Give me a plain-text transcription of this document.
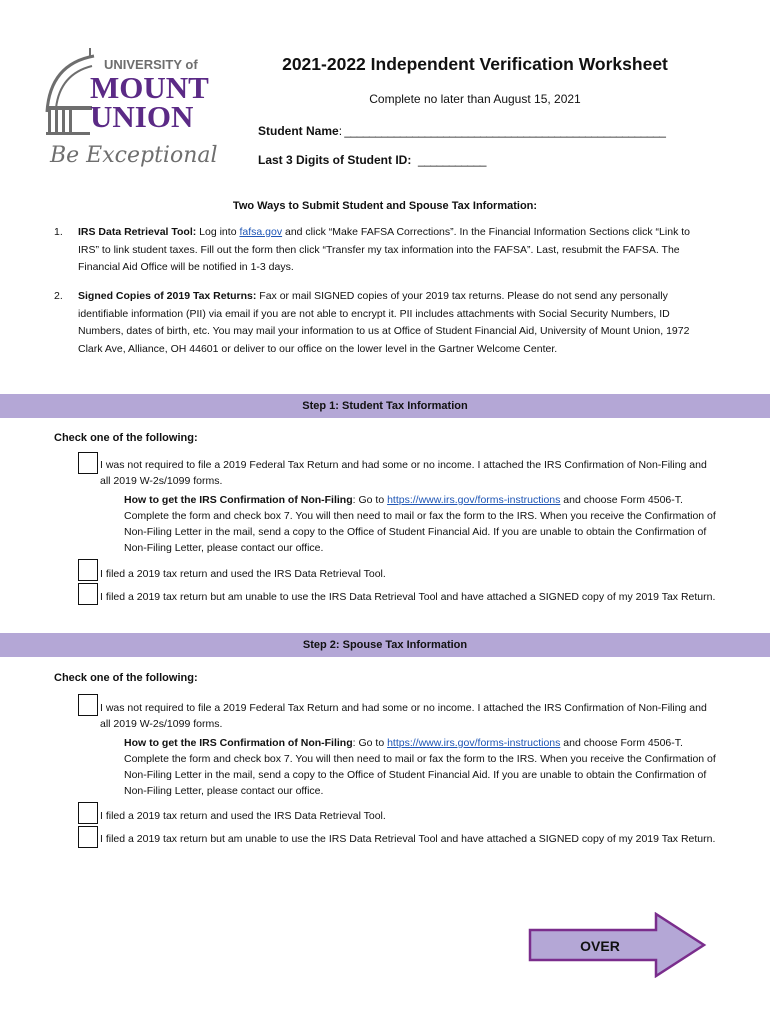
UNIVERSITY of
MOUNT
UNION
Be Exceptional
2021-2022 Independent Verification Worksheet
Complete no later than August 15, 2021
Student Name: ____________________________________________________
Last 3 Digits of Student ID: ___________
Two Ways to Submit Student and Spouse Tax Information:
1. IRS Data Retrieval Tool: Log into fafsa.gov and click “Make FAFSA Corrections”. In the Financial Information Sections click “Link to IRS” to link student taxes. Fill out the form then click “Transfer my tax information into the FAFSA”. Last, resubmit the FAFSA. The Financial Aid Office will be notified in 1-3 days.
2. Signed Copies of 2019 Tax Returns: Fax or mail SIGNED copies of your 2019 tax returns. Please do not send any personally identifiable information (PII) via email if you are not able to encrypt it. PII includes attachments with Social Security Numbers, ID Numbers, dates of birth, etc. You may mail your information to us at Office of Student Financial Aid, University of Mount Union, 1972 Clark Ave, Alliance, OH 44601 or deliver to our office on the lower level in the Gartner Welcome Center.
Step 1: Student Tax Information
Check one of the following:
I was not required to file a 2019 Federal Tax Return and had some or no income. I attached the IRS Confirmation of Non-Filing and all 2019 W-2s/1099 forms.
How to get the IRS Confirmation of Non-Filing: Go to https://www.irs.gov/forms-instructions and choose Form 4506-T. Complete the form and check box 7. You will then need to mail or fax the form to the IRS. When you receive the Confirmation of Non-Filing Letter in the mail, send a copy to the Office of Student Financial Aid. If you are unable to obtain the Confirmation of Non-Filing Letter, please contact our office.
I filed a 2019 tax return and used the IRS Data Retrieval Tool.
I filed a 2019 tax return but am unable to use the IRS Data Retrieval Tool and have attached a SIGNED copy of my 2019 Tax Return.
Step 2: Spouse Tax Information
Check one of the following:
I was not required to file a 2019 Federal Tax Return and had some or no income. I attached the IRS Confirmation of Non-Filing and all 2019 W-2s/1099 forms.
How to get the IRS Confirmation of Non-Filing: Go to https://www.irs.gov/forms-instructions and choose Form 4506-T. Complete the form and check box 7. You will then need to mail or fax the form to the IRS. When you receive the Confirmation of Non-Filing Letter in the mail, send a copy to the Office of Student Financial Aid. If you are unable to obtain the Confirmation of Non-Filing Letter, please contact our office.
I filed a 2019 tax return and used the IRS Data Retrieval Tool.
I filed a 2019 tax return but am unable to use the IRS Data Retrieval Tool and have attached a SIGNED copy of my 2019 Tax Return.
OVER
